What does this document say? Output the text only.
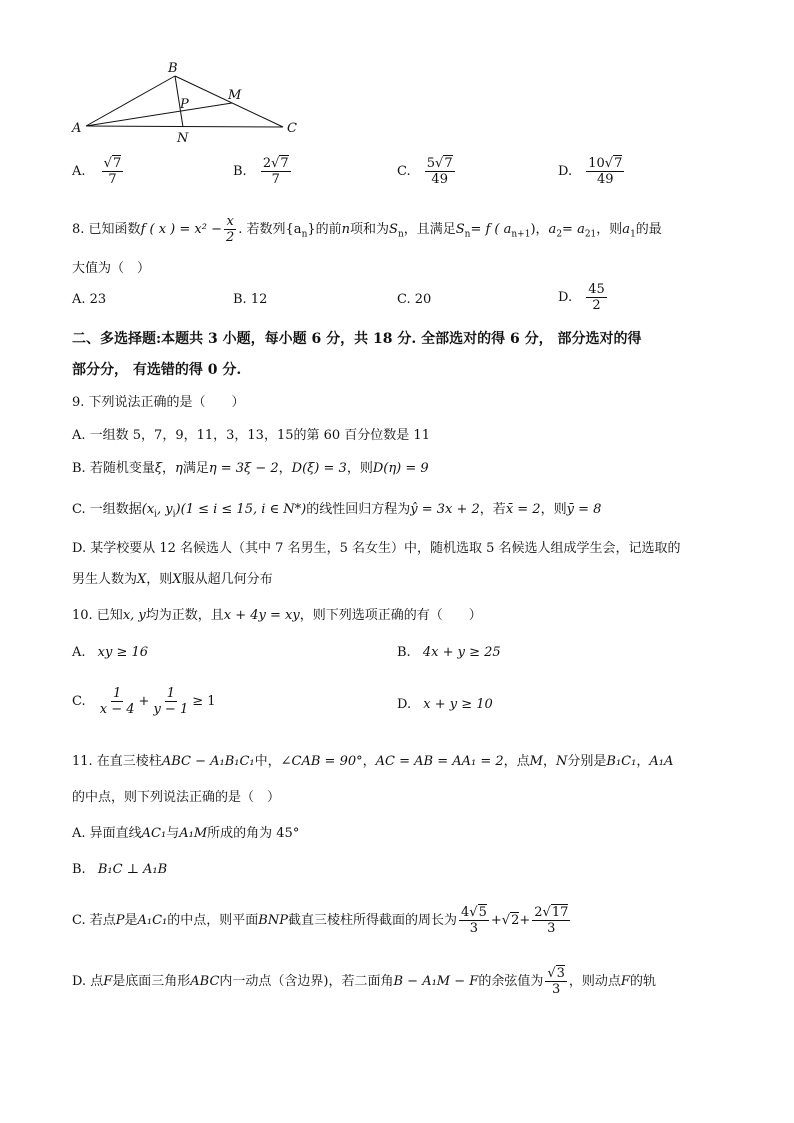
A
B
C
M
N
P
A. $\frac{√7}{7}$	B. $\frac{2√7}{7}$	C. $\frac{5√7}{49}$	D. $\frac{10√7}{49}$
8. 已知函数f ( x ) = $x^2 - \frac{x}{2}$ . 若数列$\{a_n\}$的前n项和为$S_n$，且满足$S_n= f$ ( $a_{n+1}$)，$a_2= a_{21}$，则$a_1$的最
大值为（　）
A. 23	B. 12	C. 20	D. $\frac{45}{2}$
二、多选择题:本题共 3 小题，每小题 6 分，共 18 分. 全部选对的得 6 分， 部分选对的得
部分分， 有选错的得 0 分.
9. 下列说法正确的是（　　）
A. 一组数 5，7，9，11，3，13，15的第 60 百分位数是 11
B. 若随机变量ξ，η满足η = 3ξ − 2，D(ξ) = 3，则D(η) = 9
C. 一组数据($x_i$, $y_i)(1 \le i \le 15$, i ∈ N*)的线性回归方程为ŷ = 3x + 2，若x̄ = 2，则ȳ = 8
D. 某学校要从 12 名候选人（其中 7 名男生，5 名女生）中，随机选取 5 名候选人组成学生会，记选取的
男生人数为X，则X服从超几何分布
10. 已知x, y均为正数，且x + 4y = xy，则下列选项正确的有（　　）
A. xy ≥ 16	B. 4x + y ≥ 25
C. $\frac{1}{x - 4} + \frac{1}{y - 1} \ge 1$	D. x + y ≥ 10
11. 在直三棱柱ABC − A₁B₁C₁中，∠CAB = 90°，AC = AB = AA₁ = 2，点M，N分别是B₁C₁，A₁A
的中点，则下列说法正确的是（　）
A. 异面直线AC₁与A₁M所成的角为 45°
B. B₁C ⊥ A₁B
C. 若点P是A₁C₁的中点，则平面BNP截直三棱柱所得截面的周长为 $\frac{4√5}{3} +√2+ \frac{2√17}{3}$
D. 点F是底面三角形ABC内一动点（含边界)，若二面角B − A₁M − F的余弦值为 $\frac{√3}{3}$ ，则动点F的轨
